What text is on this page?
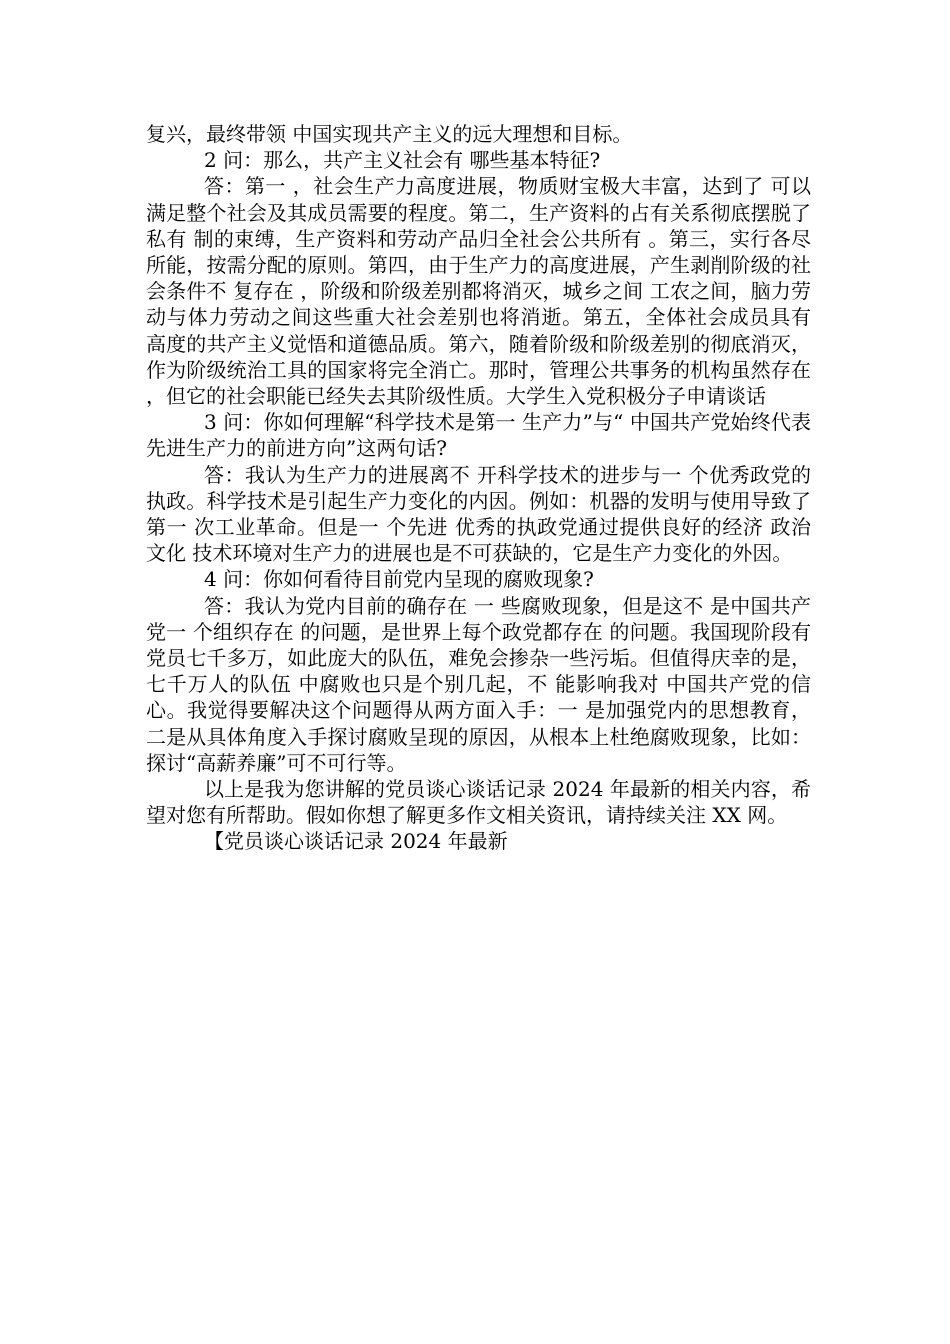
复兴，最终带领 中国实现共产主义的远大理想和目标。

2 问：那么，共产主义社会有 哪些基本特征?

答：第一 ，社会生产力高度进展，物质财宝极大丰富，达到了 可以满足整个社会及其成员需要的程度。第二，生产资料的占有关系彻底摆脱了 私有 制的束缚，生产资料和劳动产品归全社会公共所有 。第三，实行各尽所能，按需分配的原则。第四，由于生产力的高度进展，产生剥削阶级的社会条件不 复存在 ，阶级和阶级差别都将消灭，城乡之间 工农之间，脑力劳动与体力劳动之间这些重大社会差别也将消逝。第五，全体社会成员具有 高度的共产主义觉悟和道德品质。第六，随着阶级和阶级差别的彻底消灭，作为阶级统治工具的国家将完全消亡。那时，管理公共事务的机构虽然存在 ，但它的社会职能已经失去其阶级性质。大学生入党积极分子申请谈话

3 问：你如何理解“科学技术是第一 生产力”与“ 中国共产党始终代表先进生产力的前进方向”这两句话?

答：我认为生产力的进展离不 开科学技术的进步与一 个优秀政党的执政。科学技术是引起生产力变化的内因。例如：机器的发明与使用导致了 第一 次工业革命。但是一 个先进 优秀的执政党通过提供良好的经济 政治 文化 技术环境对生产力的进展也是不可获缺的，它是生产力变化的外因。

4 问：你如何看待目前党内呈现的腐败现象?

答：我认为党内目前的确存在 一 些腐败现象，但是这不 是中国共产党一 个组织存在 的问题，是世界上每个政党都存在 的问题。我国现阶段有 党员七千多万，如此庞大的队伍，难免会掺杂一些污垢。但值得庆幸的是，七千万人的队伍 中腐败也只是个别几起，不 能影响我对 中国共产党的信心。我觉得要解决这个问题得从两方面入手：一 是加强党内的思想教育，二是从具体角度入手探讨腐败呈现的原因，从根本上杜绝腐败现象，比如：探讨“高薪养廉”可不可行等。

以上是我为您讲解的党员谈心谈话记录 2024 年最新的相关内容，希望对您有所帮助。假如你想了解更多作文相关资讯，请持续关注 XX 网。

【党员谈心谈话记录 2024 年最新
